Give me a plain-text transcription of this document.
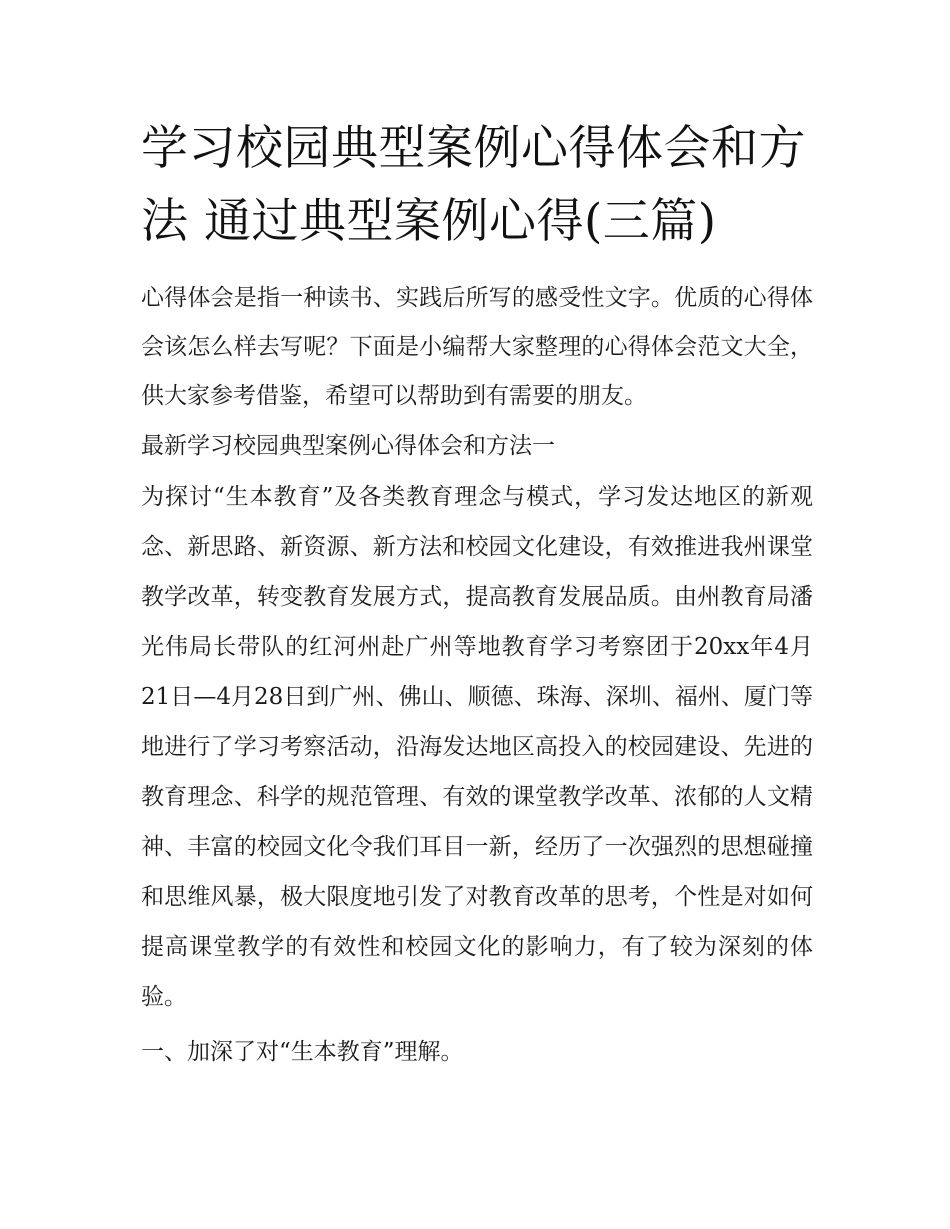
学习校园典型案例心得体会和方法 通过典型案例心得(三篇)

心得体会是指一种读书、实践后所写的感受性文字。优质的心得体会该怎么样去写呢？下面是小编帮大家整理的心得体会范文大全，供大家参考借鉴，希望可以帮助到有需要的朋友。

最新学习校园典型案例心得体会和方法一

为探讨“生本教育”及各类教育理念与模式，学习发达地区的新观念、新思路、新资源、新方法和校园文化建设，有效推进我州课堂教学改革，转变教育发展方式，提高教育发展品质。由州教育局潘光伟局长带队的红河州赴广州等地教育学习考察团于20xx年4月21日—4月28日到广州、佛山、顺德、珠海、深圳、福州、厦门等地进行了学习考察活动，沿海发达地区高投入的校园建设、先进的教育理念、科学的规范管理、有效的课堂教学改革、浓郁的人文精神、丰富的校园文化令我们耳目一新，经历了一次强烈的思想碰撞和思维风暴，极大限度地引发了对教育改革的思考，个性是对如何提高课堂教学的有效性和校园文化的影响力，有了较为深刻的体验。

一、加深了对“生本教育”理解。
